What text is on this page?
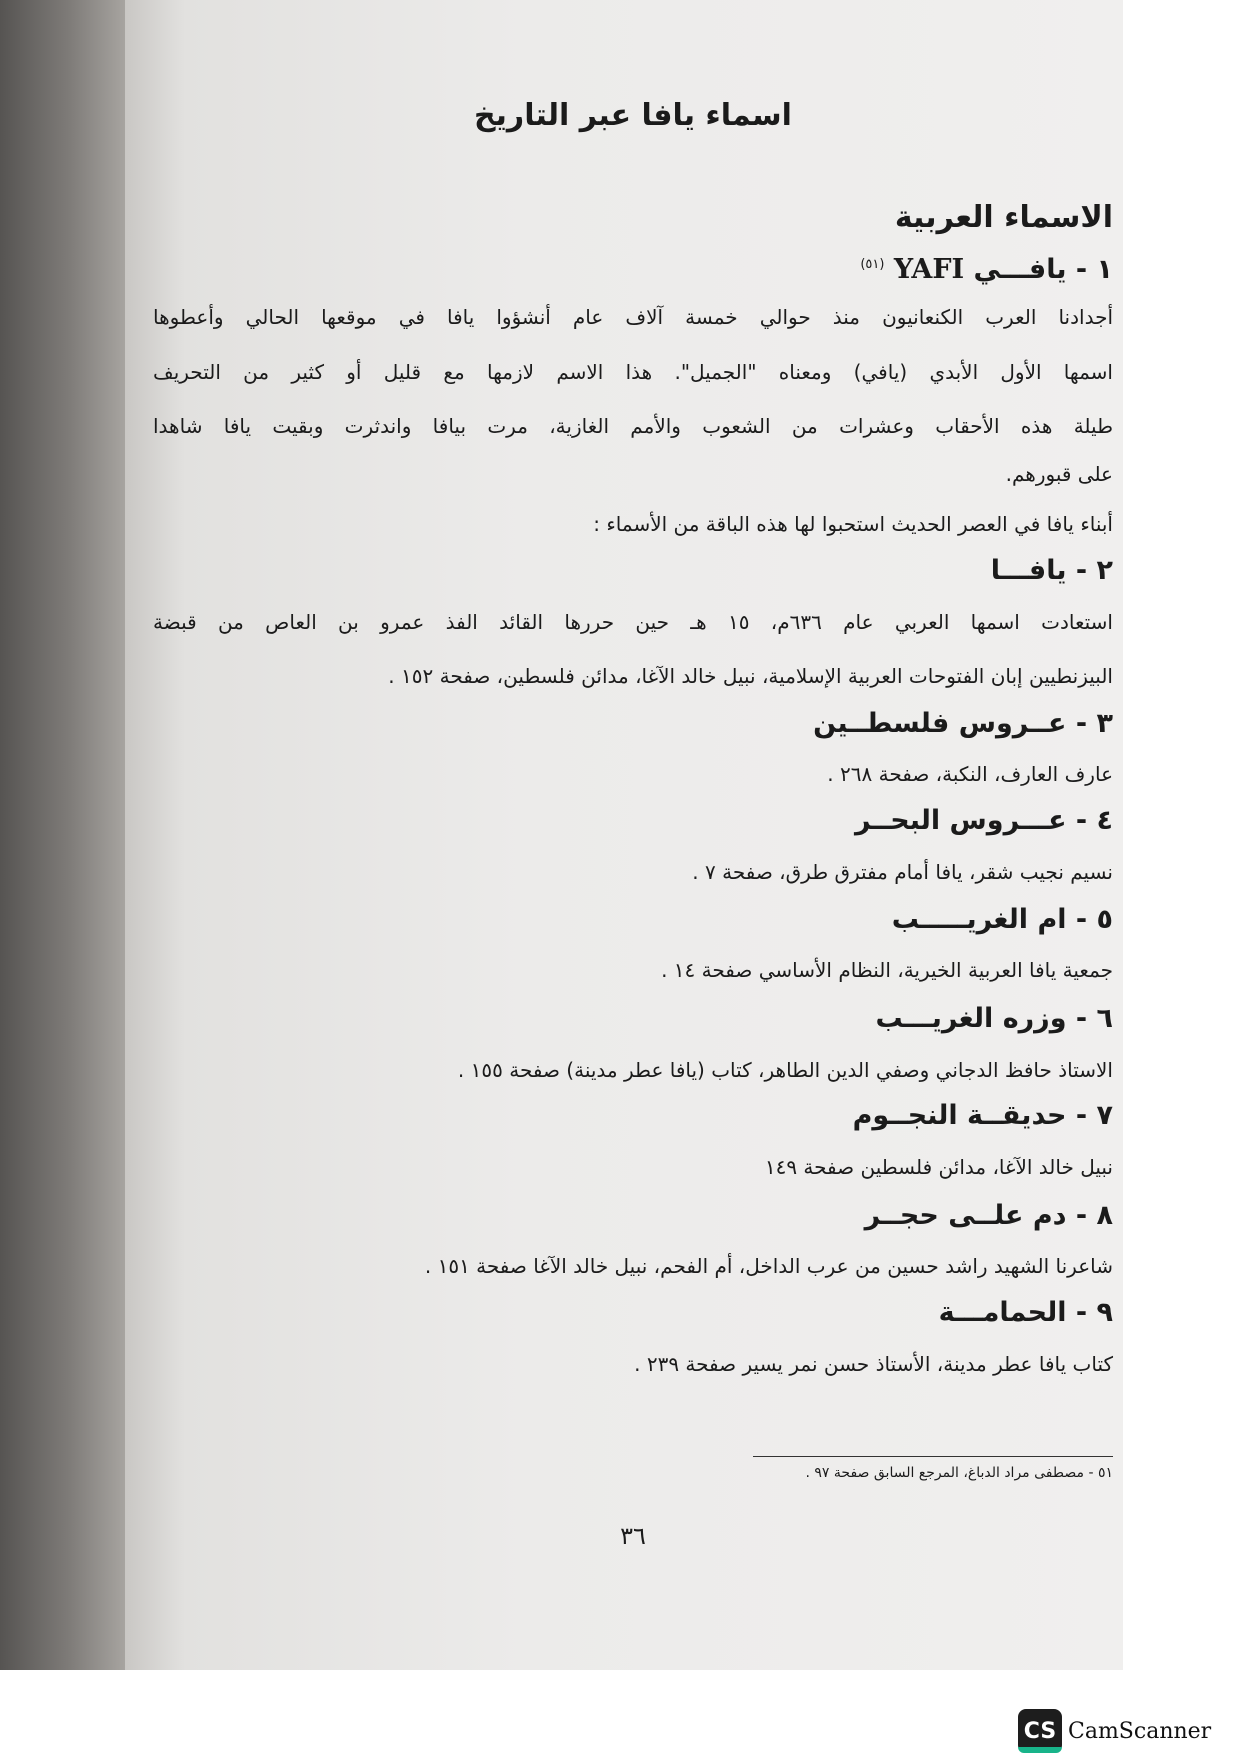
اسماء يافا عبر التاريخ
الاسماء العربية
١ - يافـــي YAFI $^{(٥١)}$

أجدادنا العرب الكنعانيون منذ حوالي خمسة آلاف عام أنشؤوا يافا في موقعها الحالي وأعطوها

اسمها الأول الأبدي (يافي) ومعناه "الجميل". هذا الاسم لازمها مع قليل أو كثير من التحريف

طيلة هذه الأحقاب وعشرات من الشعوب والأمم الغازية، مرت بيافا واندثرت وبقيت يافا شاهدا

على قبورهم.

أبناء يافا في العصر الحديث استحبوا لها هذه الباقة من الأسماء :

٢ - يافـــا

استعادت اسمها العربي عام ٦٣٦م، ١٥ هـ حين حررها القائد الفذ عمرو بن العاص من قبضة

البيزنطيين إبان الفتوحات العربية الإسلامية، نبيل خالد الآغا، مدائن فلسطين، صفحة ١٥٢ .

٣ - عــروس فلسطــين

عارف العارف، النكبة، صفحة ٢٦٨ .

٤ - عـــروس البحــر

نسيم نجيب شقر، يافا أمام مفترق طرق، صفحة ٧ .

٥ - ام الغريـــــب

جمعية يافا العربية الخيرية، النظام الأساسي صفحة ١٤ .

٦ - وزره الغريـــب

الاستاذ حافظ الدجاني وصفي الدين الطاهر، كتاب (يافا عطر مدينة) صفحة ١٥٥ .

٧ - حديقــة النجــوم

نبيل خالد الآغا، مدائن فلسطين صفحة ١٤٩

٨ - دم علــى حجــر

شاعرنا الشهيد راشد حسين من عرب الداخل، أم الفحم، نبيل خالد الآغا صفحة ١٥١ .

٩ - الحمامـــة

كتاب يافا عطر مدينة، الأستاذ حسن نمر يسير صفحة ٢٣٩ .

٥١ - مصطفى مراد الدباغ، المرجع السابق صفحة ٩٧ .

٣٦

CS CamScanner
